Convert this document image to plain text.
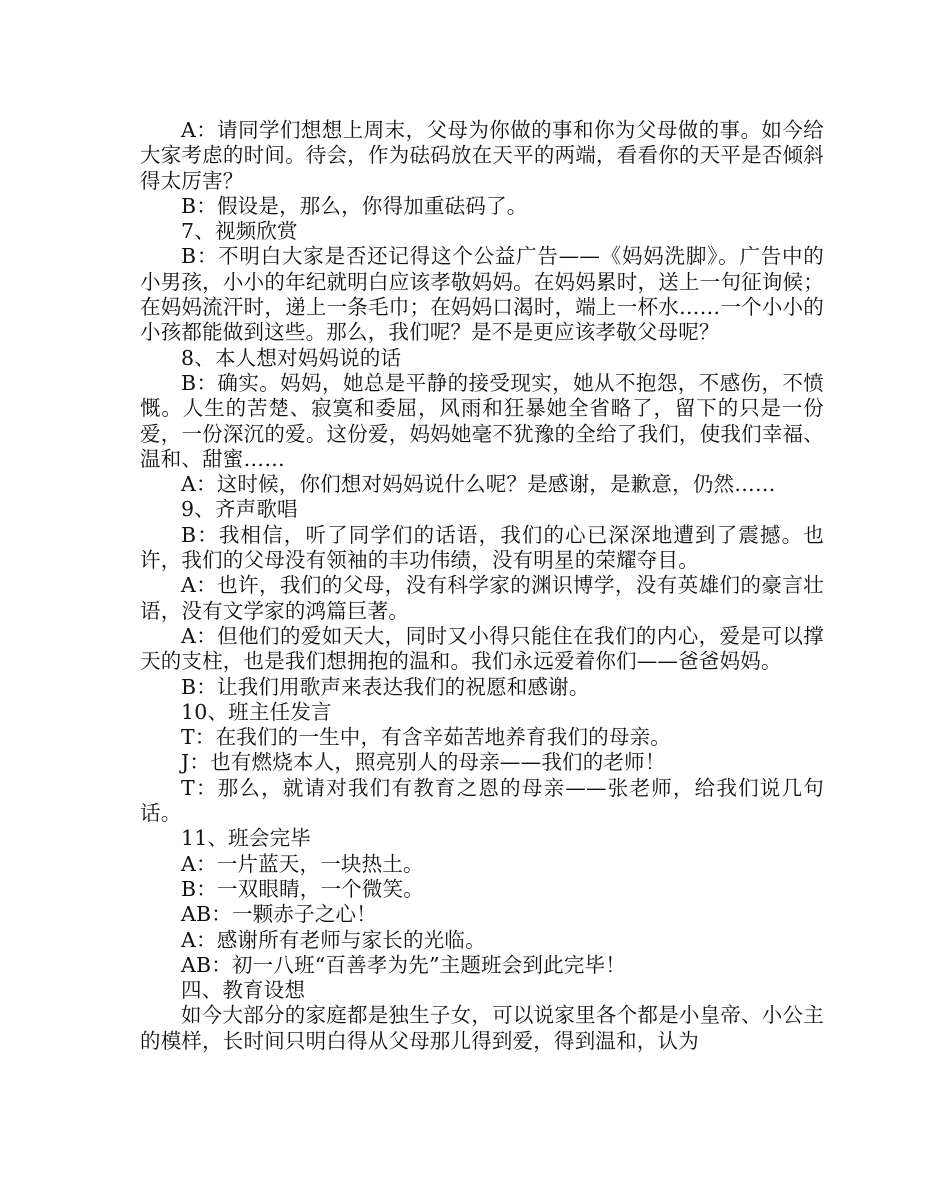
A：请同学们想想上周末，父母为你做的事和你为父母做的事。如今给大家考虑的时间。待会，作为砝码放在天平的两端，看看你的天平是否倾斜得太厉害？

B：假设是，那么，你得加重砝码了。

7、视频欣赏

B：不明白大家是否还记得这个公益广告——《妈妈洗脚》。广告中的小男孩，小小的年纪就明白应该孝敬妈妈。在妈妈累时，送上一句征询候；在妈妈流汗时，递上一条毛巾；在妈妈口渴时，端上一杯水……一个小小的小孩都能做到这些。那么，我们呢？是不是更应该孝敬父母呢？

8、本人想对妈妈说的话

B：确实。妈妈，她总是平静的接受现实，她从不抱怨，不感伤，不愤慨。人生的苦楚、寂寞和委屈，风雨和狂暴她全省略了，留下的只是一份爱，一份深沉的爱。这份爱，妈妈她毫不犹豫的全给了我们，使我们幸福、温和、甜蜜……

A：这时候，你们想对妈妈说什么呢？是感谢，是歉意，仍然……

9、齐声歌唱

B：我相信，听了同学们的话语，我们的心已深深地遭到了震撼。也许，我们的父母没有领袖的丰功伟绩，没有明星的荣耀夺目。

A：也许，我们的父母，没有科学家的渊识博学，没有英雄们的豪言壮语，没有文学家的鸿篇巨著。

A：但他们的爱如天大，同时又小得只能住在我们的内心，爱是可以撑天的支柱，也是我们想拥抱的温和。我们永远爱着你们——爸爸妈妈。

B：让我们用歌声来表达我们的祝愿和感谢。

10、班主任发言

T：在我们的一生中，有含辛茹苦地养育我们的母亲。

J：也有燃烧本人，照亮别人的母亲——我们的老师！

T：那么，就请对我们有教育之恩的母亲——张老师，给我们说几句话。

11、班会完毕

A：一片蓝天，一块热土。

B：一双眼睛，一个微笑。

AB：一颗赤子之心！

A：感谢所有老师与家长的光临。

AB：初一八班“百善孝为先”主题班会到此完毕！

四、教育设想

如今大部分的家庭都是独生子女，可以说家里各个都是小皇帝、小公主的模样，长时间只明白得从父母那儿得到爱，得到温和，认为
